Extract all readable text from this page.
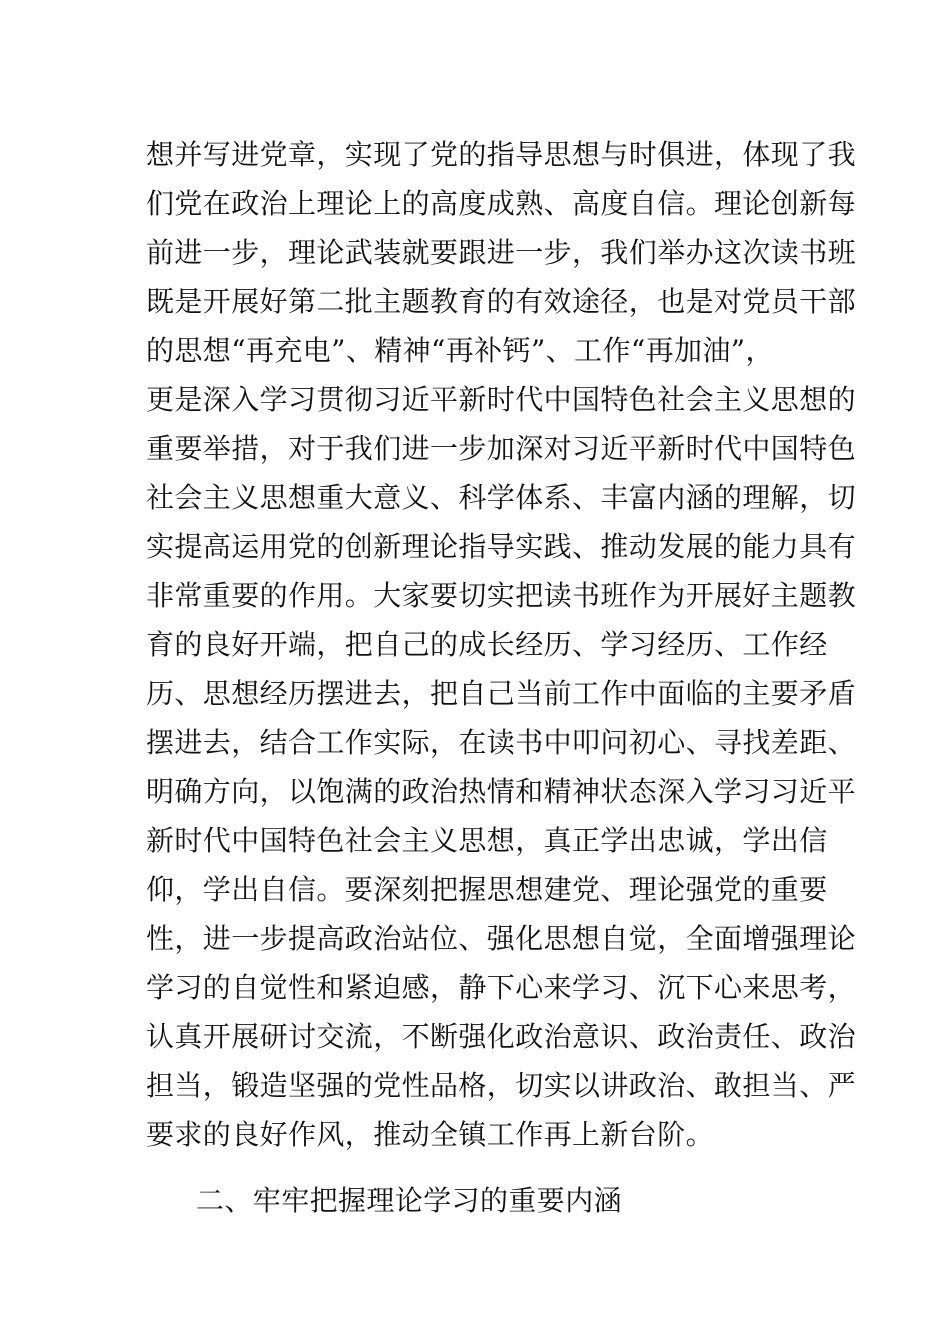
想并写进党章，实现了党的指导思想与时俱进，体现了我
们党在政治上理论上的高度成熟、高度自信。理论创新每
前进一步，理论武装就要跟进一步，我们举办这次读书班
既是开展好第二批主题教育的有效途径，也是对党员干部
的思想“再充电”、精神“再补钙”、工作“再加油”，
更是深入学习贯彻习近平新时代中国特色社会主义思想的
重要举措，对于我们进一步加深对习近平新时代中国特色
社会主义思想重大意义、科学体系、丰富内涵的理解，切
实提高运用党的创新理论指导实践、推动发展的能力具有
非常重要的作用。大家要切实把读书班作为开展好主题教
育的良好开端，把自己的成长经历、学习经历、工作经
历、思想经历摆进去，把自己当前工作中面临的主要矛盾
摆进去，结合工作实际，在读书中叩问初心、寻找差距、
明确方向，以饱满的政治热情和精神状态深入学习习近平
新时代中国特色社会主义思想，真正学出忠诚，学出信
仰，学出自信。要深刻把握思想建党、理论强党的重要
性，进一步提高政治站位、强化思想自觉，全面增强理论
学习的自觉性和紧迫感，静下心来学习、沉下心来思考，
认真开展研讨交流，不断强化政治意识、政治责任、政治
担当，锻造坚强的党性品格，切实以讲政治、敢担当、严
要求的良好作风，推动全镇工作再上新台阶。
二、牢牢把握理论学习的重要内涵
